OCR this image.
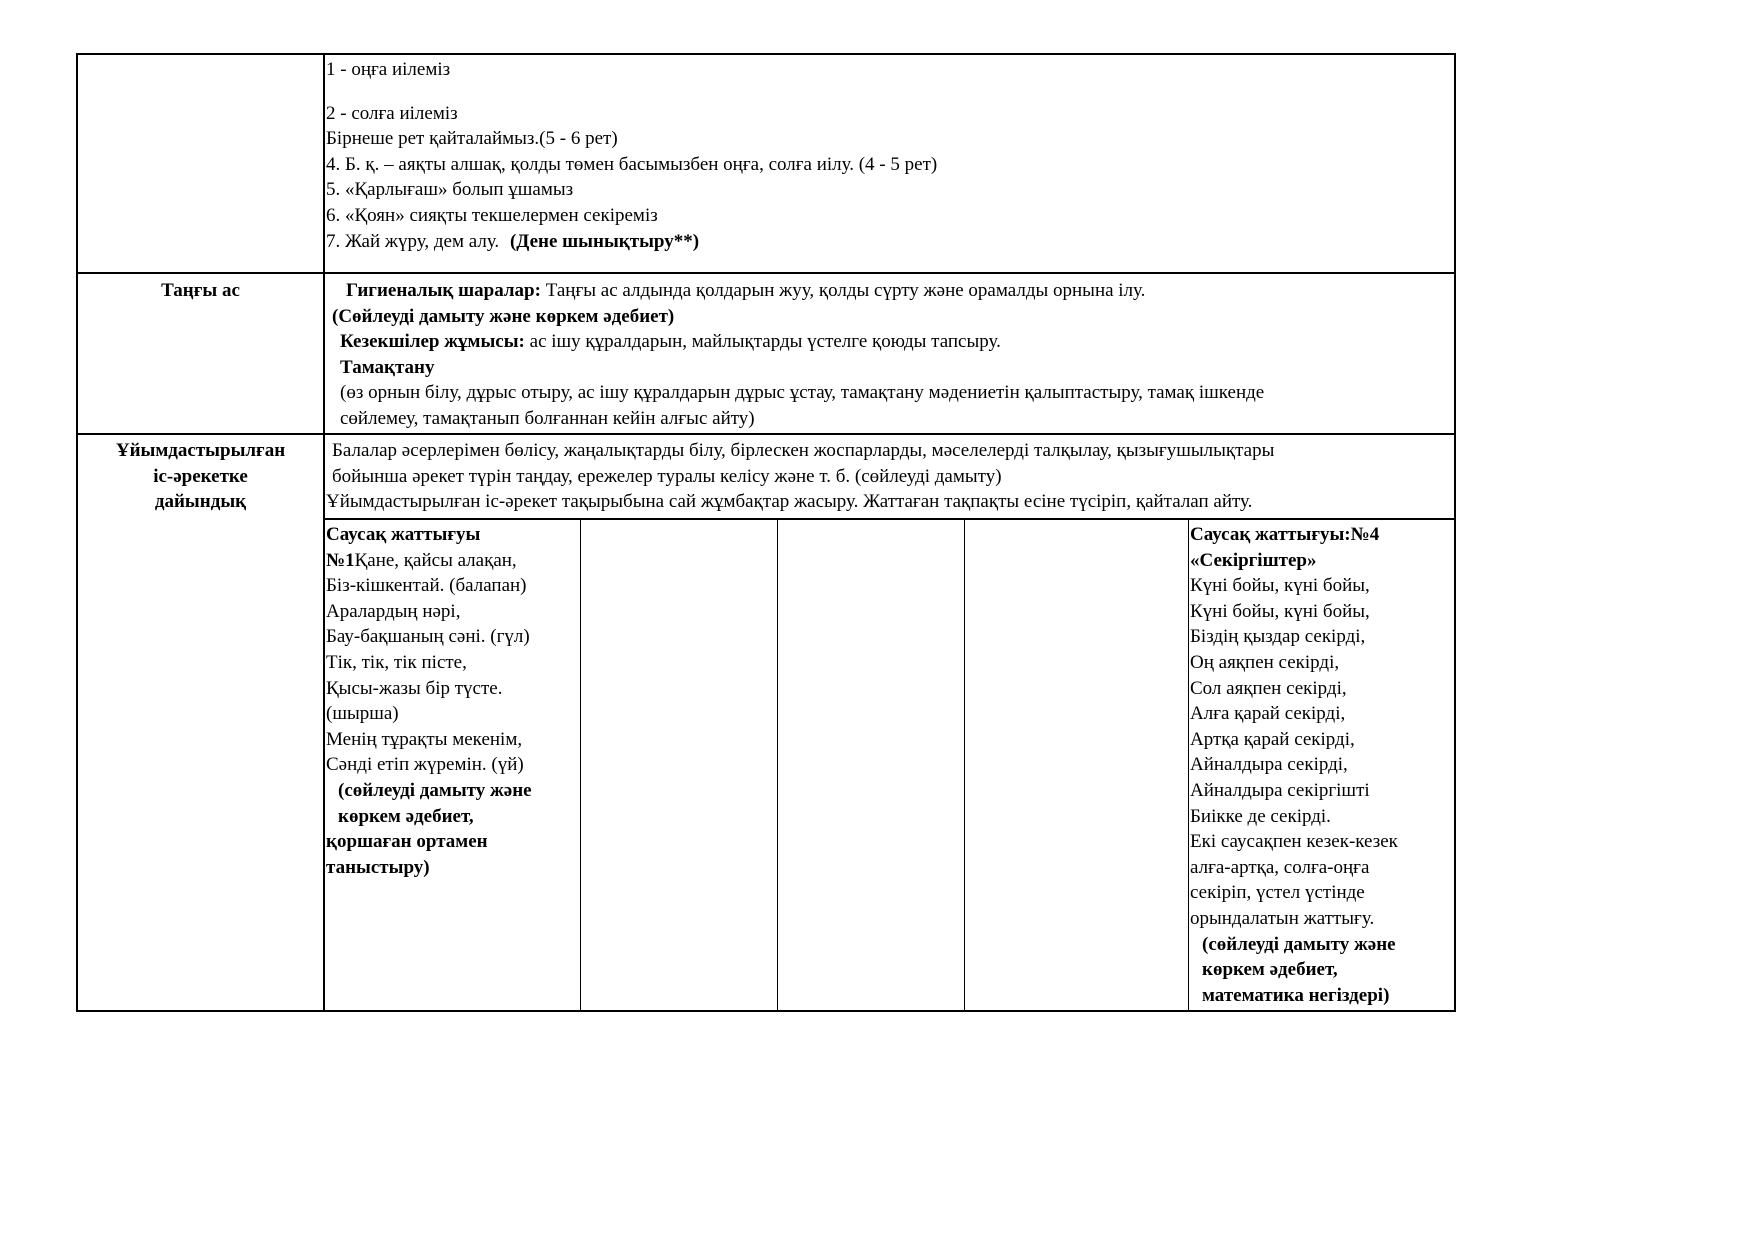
1 - оңға иілеміз
2 - солға иілеміз
Бірнеше рет қайталаймыз.(5 - 6 рет)
4. Б. қ. – аяқты алшақ, қолды төмен басымызбен оңға, солға иілу. (4 - 5 рет)
5. «Қарлығаш» болып ұшамыз
6. «Қоян» сияқты текшелермен секіреміз
7. Жай жүру, дем алу. (Дене шынықтыру**)
Таңғы ас	Гигиеналық шаралар: Таңғы ас алдында қолдарын жуу, қолды сүрту және орамалды орнына ілу.
(Сөйлеуді дамыту және көркем әдебиет)
Кезекшілер жұмысы: ас ішу құралдарын, майлықтарды үстелге қоюды тапсыру.
Тамақтану
(өз орнын білу, дұрыс отыру, ас ішу құралдарын дұрыс ұстау, тамақтану мәдениетін қалыптастыру, тамақ ішкенде
сөйлемеу, тамақтанып болғаннан кейін алғыс айту)
Ұйымдастырылған
іс-әрекетке
дайындық
Балалар әсерлерімен бөлісу, жаңалықтарды білу, бірлескен жоспарларды, мәселелерді талқылау, қызығушылықтары
бойынша әрекет түрін таңдау, ережелер туралы келісу және т. б. (сөйлеуді дамыту)
Ұйымдастырылған іс-әрекет тақырыбына сай жұмбақтар жасыру. Жаттаған тақпақты есіне түсіріп, қайталап айту.
Саусақ жаттығуы
№1Қане, қайсы алақан,
Біз-кішкентай. (балапан)
Аралардың нәрі,
Бау-бақшаның сәні. (гүл)
Тік, тік, тік пісте,
Қысы-жазы бір түсте.
(шырша)
Менің тұрақты мекенім,
Сәнді етіп жүремін. (үй)
(сөйлеуді дамыту және
көркем әдебиет,
қоршаған ортамен
таныстыру)
Саусақ жаттығуы:№4
«Секіргіштер»
Күні бойы, күні бойы,
Күні бойы, күні бойы,
Біздің қыздар секірді,
Оң аяқпен секірді,
Сол аяқпен секірді,
Алға қарай секірді,
Артқа қарай секірді,
Айналдыра секірді,
Айналдыра секіргішті
Биікке де секірді.
Екі саусақпен кезек-кезек
алға-артқа, солға-оңға
секіріп, үстел үстінде
орындалатын жаттығу.
(сөйлеуді дамыту және
көркем әдебиет,
математика негіздері)
